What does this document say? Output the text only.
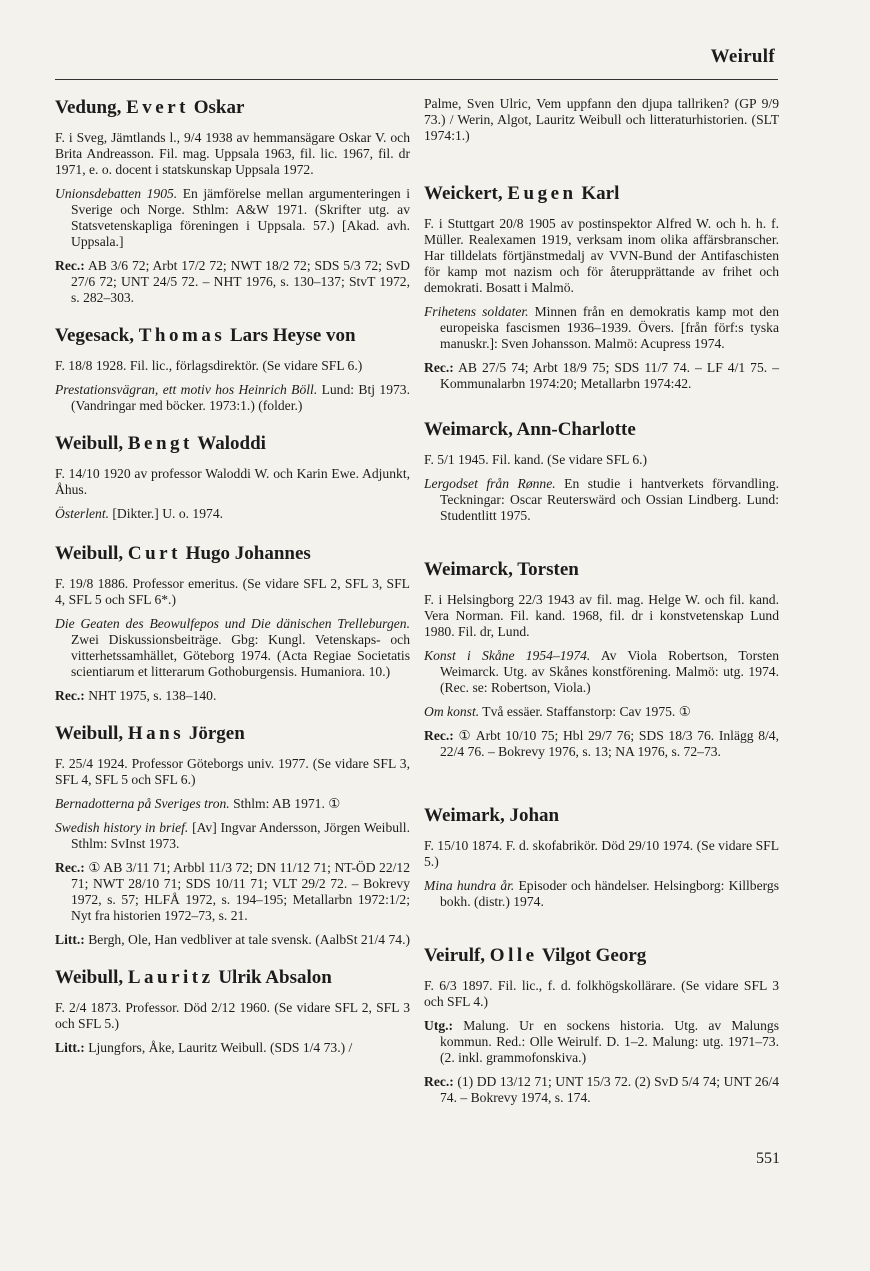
Weirulf
Vedung, Evert Oskar

F. i Sveg, Jämtlands l., 9/4 1938 av hemmansägare Oskar V. och Brita Andreasson. Fil. mag. Uppsala 1963, fil. lic. 1967, fil. dr 1971, e. o. docent i statskunskap Uppsala 1972.

Unionsdebatten 1905. En jämförelse mellan argumenteringen i Sverige och Norge. Sthlm: A&W 1971. (Skrifter utg. av Statsvetenskapliga föreningen i Uppsala. 57.) [Akad. avh. Uppsala.]

Rec.: AB 3/6 72; Arbt 17/2 72; NWT 18/2 72; SDS 5/3 72; SvD 27/6 72; UNT 24/5 72. – NHT 1976, s. 130–137; StvT 1972, s. 282–303.

Vegesack, Thomas Lars Heyse von

F. 18/8 1928. Fil. lic., förlagsdirektör. (Se vidare SFL 6.)

Prestationsvägran, ett motiv hos Heinrich Böll. Lund: Btj 1973. (Vandringar med böcker. 1973:1.) (folder.)

Weibull, Bengt Waloddi

F. 14/10 1920 av professor Waloddi W. och Karin Ewe. Adjunkt, Åhus.

Österlent. [Dikter.] U. o. 1974.

Weibull, Curt Hugo Johannes

F. 19/8 1886. Professor emeritus. (Se vidare SFL 2, SFL 3, SFL 4, SFL 5 och SFL 6*.)

Die Geaten des Beowulfepos und Die dänischen Trelleburgen. Zwei Diskussionsbeiträge. Gbg: Kungl. Vetenskaps- och vitterhetssamhället, Göteborg 1974. (Acta Regiae Societatis scientiarum et litterarum Gothoburgensis. Humaniora. 10.)

Rec.: NHT 1975, s. 138–140.

Weibull, Hans Jörgen

F. 25/4 1924. Professor Göteborgs univ. 1977. (Se vidare SFL 3, SFL 4, SFL 5 och SFL 6.)

Bernadotterna på Sveriges tron. Sthlm: AB 1971. ①

Swedish history in brief. [Av] Ingvar Andersson, Jörgen Weibull. Sthlm: SvInst 1973.

Rec.: ① AB 3/11 71; Arbbl 11/3 72; DN 11/12 71; NT-ÖD 22/12 71; NWT 28/10 71; SDS 10/11 71; VLT 29/2 72. – Bokrevy 1972, s. 57; HLFÅ 1972, s. 194–195; Metallarbn 1972:1/2; Nyt fra historien 1972–73, s. 21.

Litt.: Bergh, Ole, Han vedbliver at tale svensk. (AalbSt 21/4 74.)

Weibull, Lauritz Ulrik Absalon

F. 2/4 1873. Professor. Död 2/12 1960. (Se vidare SFL 2, SFL 3 och SFL 5.)

Litt.: Ljungfors, Åke, Lauritz Weibull. (SDS 1/4 73.) /

Palme, Sven Ulric, Vem uppfann den djupa tallriken? (GP 9/9 73.) / Werin, Algot, Lauritz Weibull och litteraturhistorien. (SLT 1974:1.)

Weickert, Eugen Karl

F. i Stuttgart 20/8 1905 av postinspektor Alfred W. och h. h. f. Müller. Realexamen 1919, verksam inom olika affärsbranscher. Har tilldelats förtjänstmedalj av VVN-Bund der Antifaschisten för kamp mot nazism och för återupprättande av frihet och demokrati. Bosatt i Malmö.

Frihetens soldater. Minnen från en demokratis kamp mot den europeiska fascismen 1936–1939. Övers. [från förf:s tyska manuskr.]: Sven Johansson. Malmö: Acupress 1974.

Rec.: AB 27/5 74; Arbt 18/9 75; SDS 11/7 74. – LF 4/1 75. – Kommunalarbn 1974:20; Metallarbn 1974:42.

Weimarck, Ann-Charlotte

F. 5/1 1945. Fil. kand. (Se vidare SFL 6.)

Lergodset från Rønne. En studie i hantverkets förvandling. Teckningar: Oscar Reuterswärd och Ossian Lindberg. Lund: Studentlitt 1975.

Weimarck, Torsten

F. i Helsingborg 22/3 1943 av fil. mag. Helge W. och fil. kand. Vera Norman. Fil. kand. 1968, fil. dr i konstvetenskap Lund 1980. Fil. dr, Lund.

Konst i Skåne 1954–1974. Av Viola Robertson, Torsten Weimarck. Utg. av Skånes konstförening. Malmö: utg. 1974. (Rec. se: Robertson, Viola.)

Om konst. Två essäer. Staffanstorp: Cav 1975. ①

Rec.: ① Arbt 10/10 75; Hbl 29/7 76; SDS 18/3 76. Inlägg 8/4, 22/4 76. – Bokrevy 1976, s. 13; NA 1976, s. 72–73.

Weimark, Johan

F. 15/10 1874. F. d. skofabrikör. Död 29/10 1974. (Se vidare SFL 5.)

Mina hundra år. Episoder och händelser. Helsingborg: Killbergs bokh. (distr.) 1974.

Veirulf, Olle Vilgot Georg

F. 6/3 1897. Fil. lic., f. d. folkhögskollärare. (Se vidare SFL 3 och SFL 4.)

Utg.: Malung. Ur en sockens historia. Utg. av Malungs kommun. Red.: Olle Weirulf. D. 1–2. Malung: utg. 1971–73. (2. inkl. grammofonskiva.)

Rec.: (1) DD 13/12 71; UNT 15/3 72. (2) SvD 5/4 74; UNT 26/4 74. – Bokrevy 1974, s. 174.

551
